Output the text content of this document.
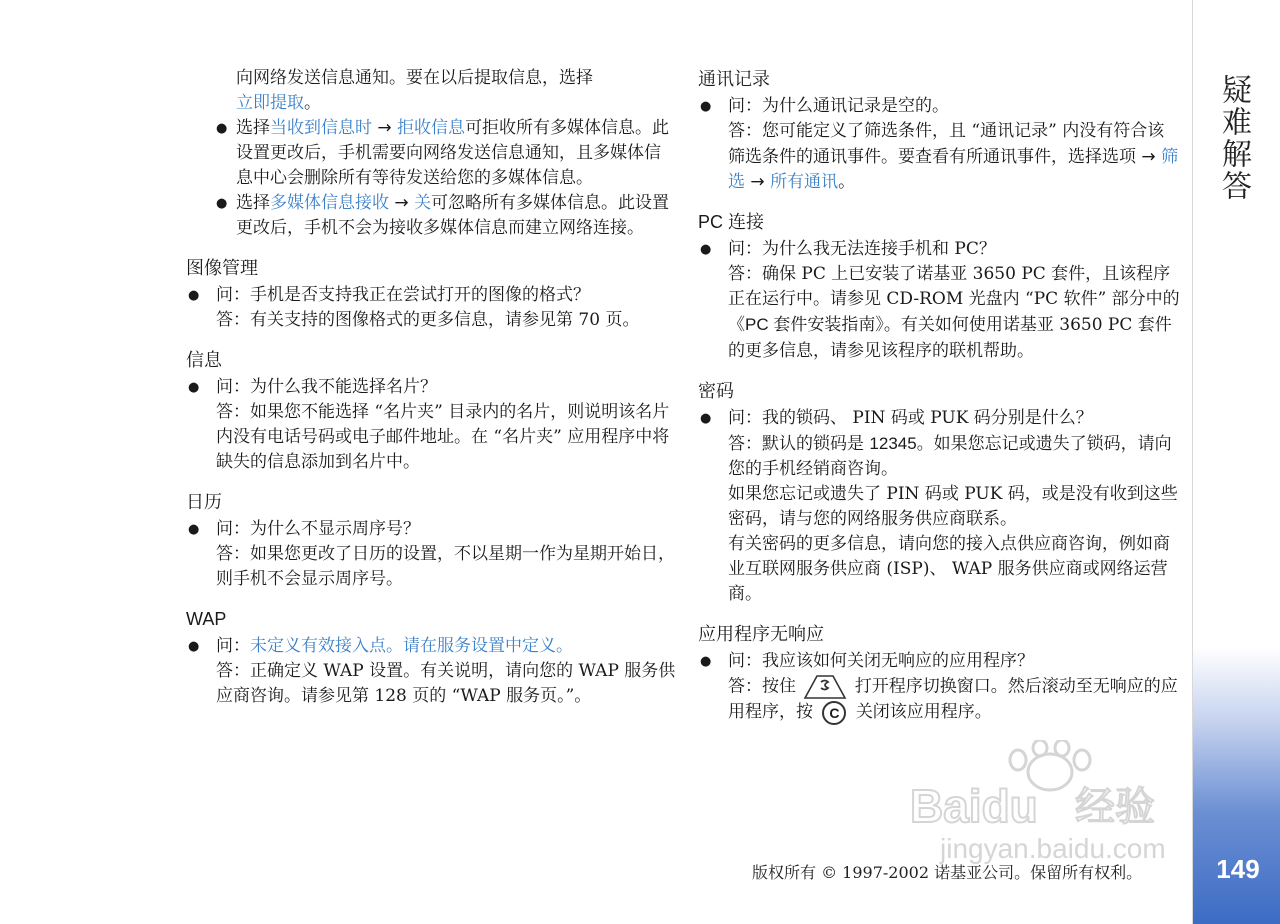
向网络发送信息通知。要在以后提取信息，选择
立即提取。
● 选择当收到信息时 → 拒收信息可拒收所有多媒体信息。此设置更改后，手机需要向网络发送信息通知，且多媒体信息中心会删除所有等待发送给您的多媒体信息。
● 选择多媒体信息接收 → 关可忽略所有多媒体信息。此设置更改后，手机不会为接收多媒体信息而建立网络连接。
图像管理
● 问：手机是否支持我正在尝试打开的图像的格式？
答：有关支持的图像格式的更多信息，请参见第 70 页。
信息
● 问：为什么我不能选择名片？
答：如果您不能选择 “名片夹” 目录内的名片，则说明该名片内没有电话号码或电子邮件地址。在 “名片夹” 应用程序中将缺失的信息添加到名片中。
日历
● 问：为什么不显示周序号？
答：如果您更改了日历的设置，不以星期一作为星期开始日，则手机不会显示周序号。
WAP
● 问：未定义有效接入点。请在服务设置中定义。
答：正确定义 WAP 设置。有关说明，请向您的 WAP 服务供应商咨询。请参见第 128 页的 “WAP 服务页。”。
通讯记录
● 问：为什么通讯记录是空的。
答：您可能定义了筛选条件，且 “通讯记录” 内没有符合该筛选条件的通讯事件。要查看有所通讯事件，选择选项 → 筛选 → 所有通讯。
PC 连接
● 问：为什么我无法连接手机和 PC？
答：确保 PC 上已安装了诺基亚 3650 PC 套件，且该程序正在运行中。请参见 CD-ROM 光盘内 “PC 软件” 部分中的 《PC 套件安装指南》。有关如何使用诺基亚 3650 PC 套件的更多信息，请参见该程序的联机帮助。
密码
● 问：我的锁码、 PIN 码或 PUK 码分别是什么？
答：默认的锁码是 12345。如果您忘记或遗失了锁码，请向您的手机经销商咨询。
如果您忘记或遗失了 PIN 码或 PUK 码，或是没有收到这些密码，请与您的网络服务供应商联系。
有关密码的更多信息，请向您的接入点供应商咨询，例如商业互联网服务供应商 (ISP)、 WAP 服务供应商或网络运营商。
应用程序无响应
● 问：我应该如何关闭无响应的应用程序？
答：按住	打开程序切换窗口。然后滚动至无响应的应用程序，按 C 关闭该应用程序。
疑难解答
149
版权所有 © 1997-2002 诺基亚公司。保留所有权利。
Baidu 经验
jingyan.baidu.com
